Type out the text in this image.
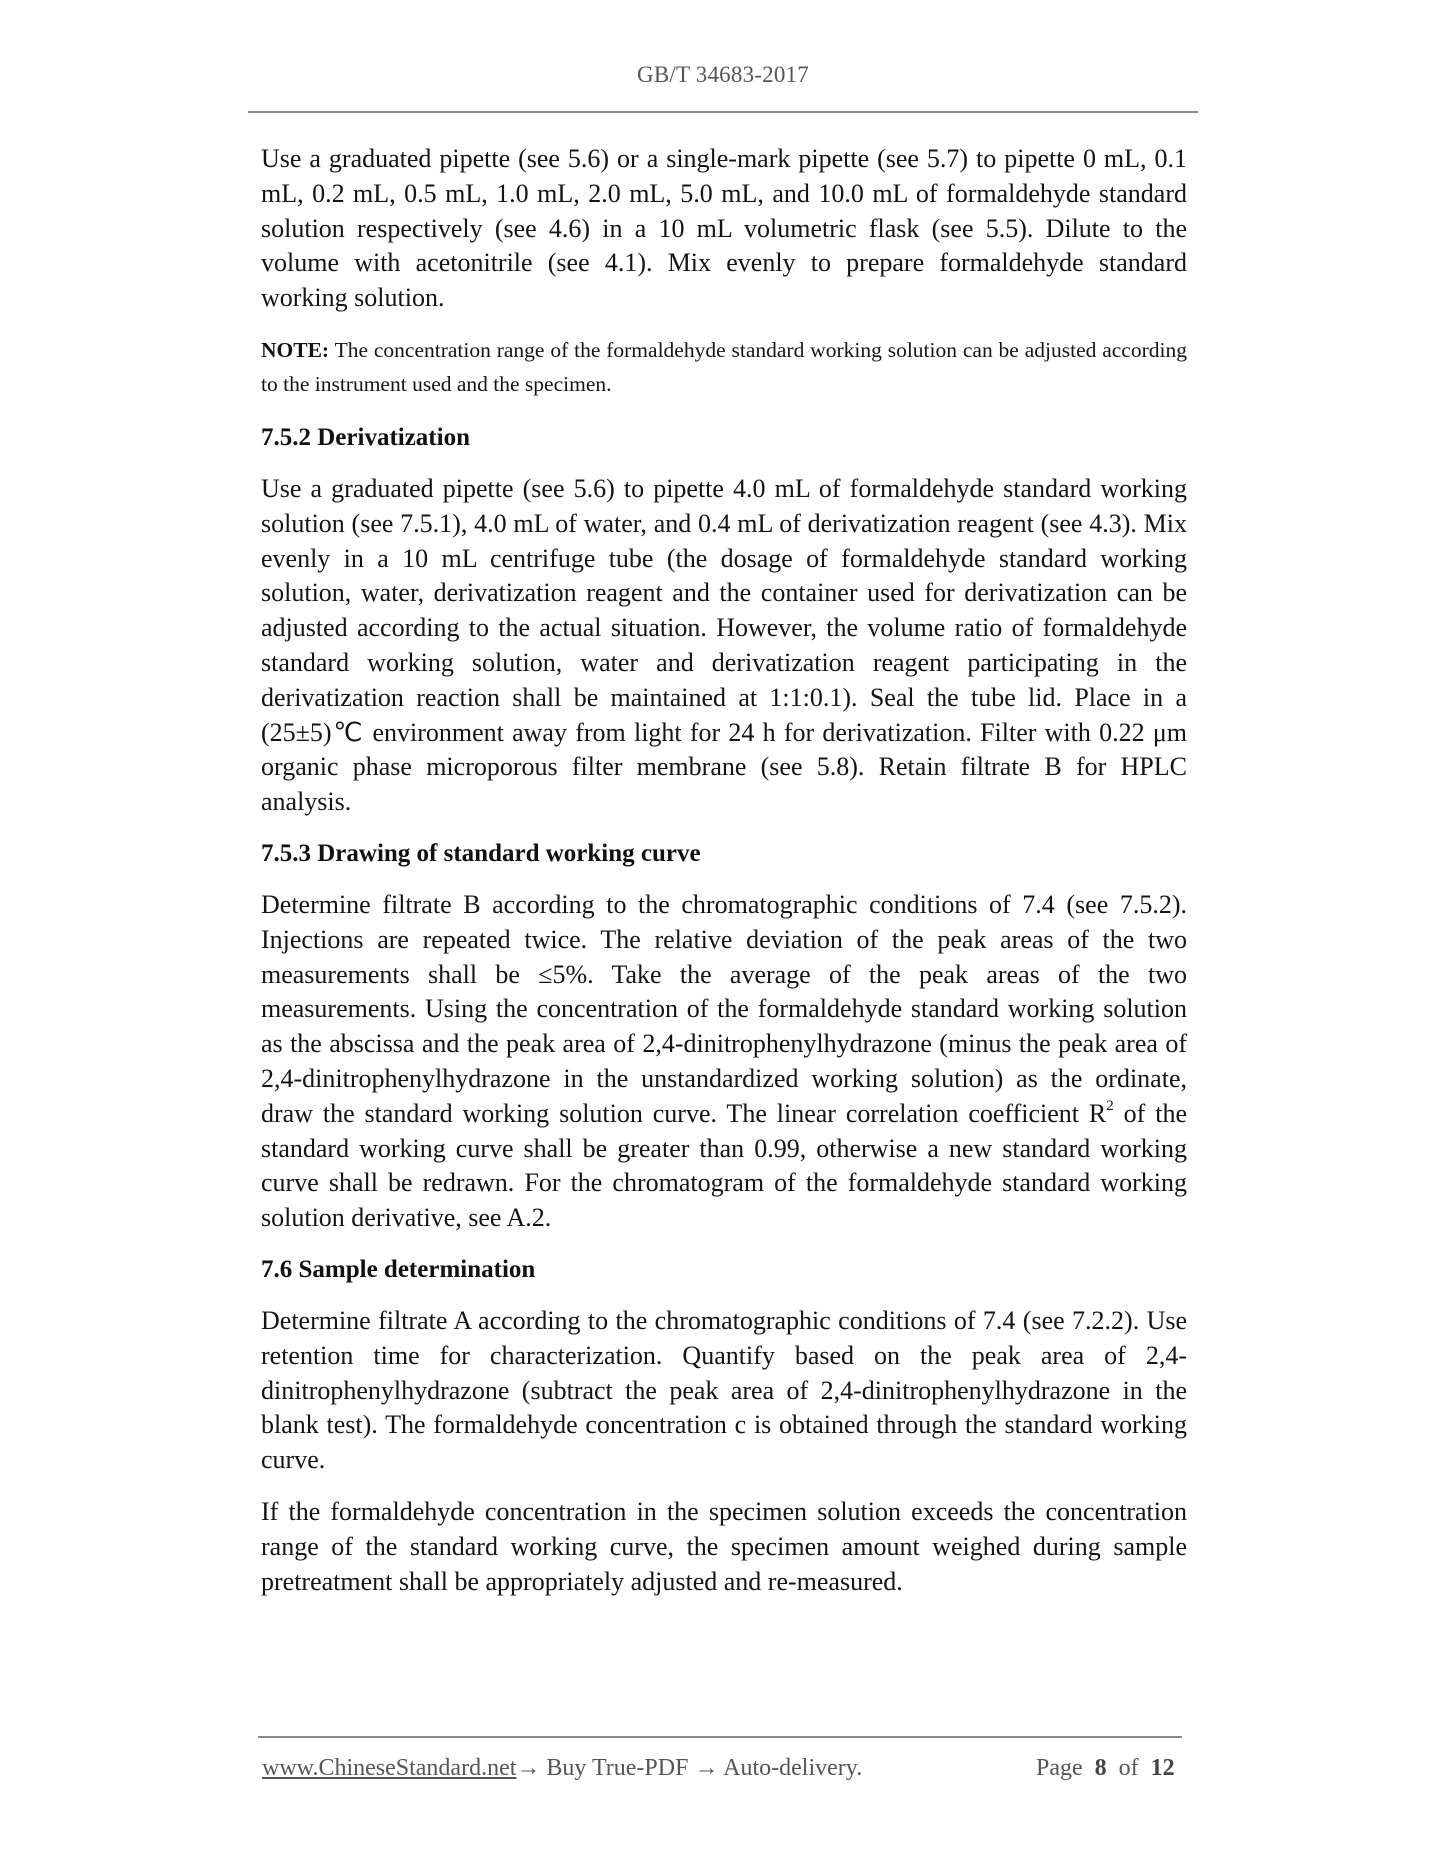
GB/T 34683-2017

Use a graduated pipette (see 5.6) or a single-mark pipette (see 5.7) to pipette 0 mL, 0.1 mL, 0.2 mL, 0.5 mL, 1.0 mL, 2.0 mL, 5.0 mL, and 10.0 mL of formaldehyde standard solution respectively (see 4.6) in a 10 mL volumetric flask (see 5.5). Dilute to the volume with acetonitrile (see 4.1). Mix evenly to prepare formaldehyde standard working solution.

NOTE: The concentration range of the formaldehyde standard working solution can be adjusted according to the instrument used and the specimen.

7.5.2 Derivatization

Use a graduated pipette (see 5.6) to pipette 4.0 mL of formaldehyde standard working solution (see 7.5.1), 4.0 mL of water, and 0.4 mL of derivatization reagent (see 4.3). Mix evenly in a 10 mL centrifuge tube (the dosage of formaldehyde standard working solution, water, derivatization reagent and the container used for derivatization can be adjusted according to the actual situation. However, the volume ratio of formaldehyde standard working solution, water and derivatization reagent participating in the derivatization reaction shall be maintained at 1:1:0.1). Seal the tube lid. Place in a (25±5)℃ environment away from light for 24 h for derivatization. Filter with 0.22 μm organic phase microporous filter membrane (see 5.8). Retain filtrate B for HPLC analysis.

7.5.3 Drawing of standard working curve

Determine filtrate B according to the chromatographic conditions of 7.4 (see 7.5.2). Injections are repeated twice. The relative deviation of the peak areas of the two measurements shall be ≤5%. Take the average of the peak areas of the two measurements. Using the concentration of the formaldehyde standard working solution as the abscissa and the peak area of 2,4-dinitrophenylhydrazone (minus the peak area of 2,4-dinitrophenylhydrazone in the unstandardized working solution) as the ordinate, draw the standard working solution curve. The linear correlation coefficient $R^2$ of the standard working curve shall be greater than 0.99, otherwise a new standard working curve shall be redrawn. For the chromatogram of the formaldehyde standard working solution derivative, see A.2.

7.6 Sample determination

Determine filtrate A according to the chromatographic conditions of 7.4 (see 7.2.2). Use retention time for characterization. Quantify based on the peak area of 2,4-dinitrophenylhydrazone (subtract the peak area of 2,4-dinitrophenylhydrazone in the blank test). The formaldehyde concentration c is obtained through the standard working curve.

If the formaldehyde concentration in the specimen solution exceeds the concentration range of the standard working curve, the specimen amount weighed during sample pretreatment shall be appropriately adjusted and re-measured.

www.ChineseStandard.net→ Buy True-PDF → Auto-delivery.	Page 8 of 12
